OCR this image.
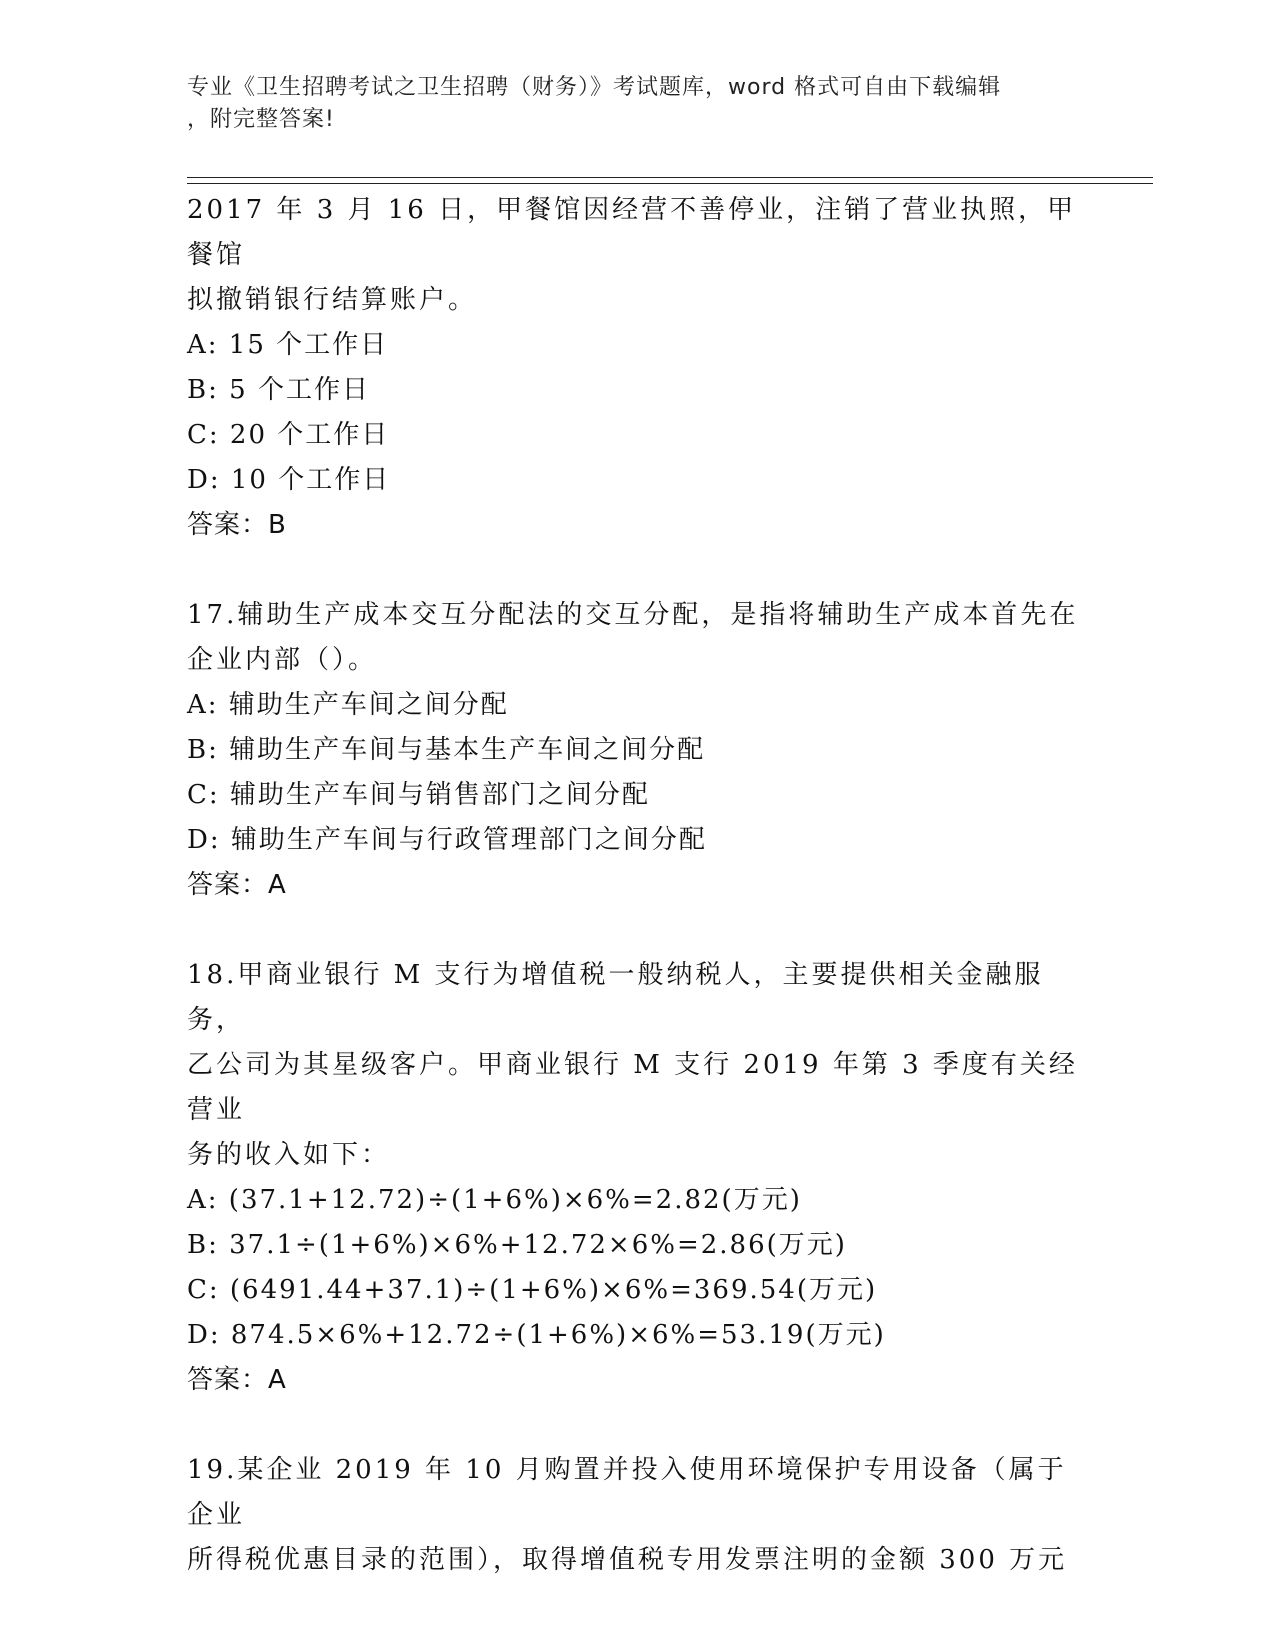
专业《卫生招聘考试之卫生招聘（财务）》考试题库，word 格式可自由下载编辑
，附完整答案!

2017 年 3 月 16 日，甲餐馆因经营不善停业，注销了营业执照，甲餐馆
拟撤销银行结算账户。

A: 15 个工作日
B: 5 个工作日
C: 20 个工作日
D: 10 个工作日
答案：B

17.辅助生产成本交互分配法的交互分配，是指将辅助生产成本首先在
企业内部（）。

A: 辅助生产车间之间分配
B: 辅助生产车间与基本生产车间之间分配
C: 辅助生产车间与销售部门之间分配
D: 辅助生产车间与行政管理部门之间分配
答案：A

18.甲商业银行 M 支行为增值税一般纳税人，主要提供相关金融服务，
乙公司为其星级客户。甲商业银行 M 支行 2019 年第 3 季度有关经营业
务的收入如下：

A: (37.1+12.72)÷(1+6%)×6%=2.82(万元)
B: 37.1÷(1+6%)×6%+12.72×6%=2.86(万元)
C: (6491.44+37.1)÷(1+6%)×6%=369.54(万元)
D: 874.5×6%+12.72÷(1+6%)×6%=53.19(万元)
答案：A

19.某企业 2019 年 10 月购置并投入使用环境保护专用设备（属于企业
所得税优惠目录的范围），取得增值税专用发票注明的金额 300 万元
